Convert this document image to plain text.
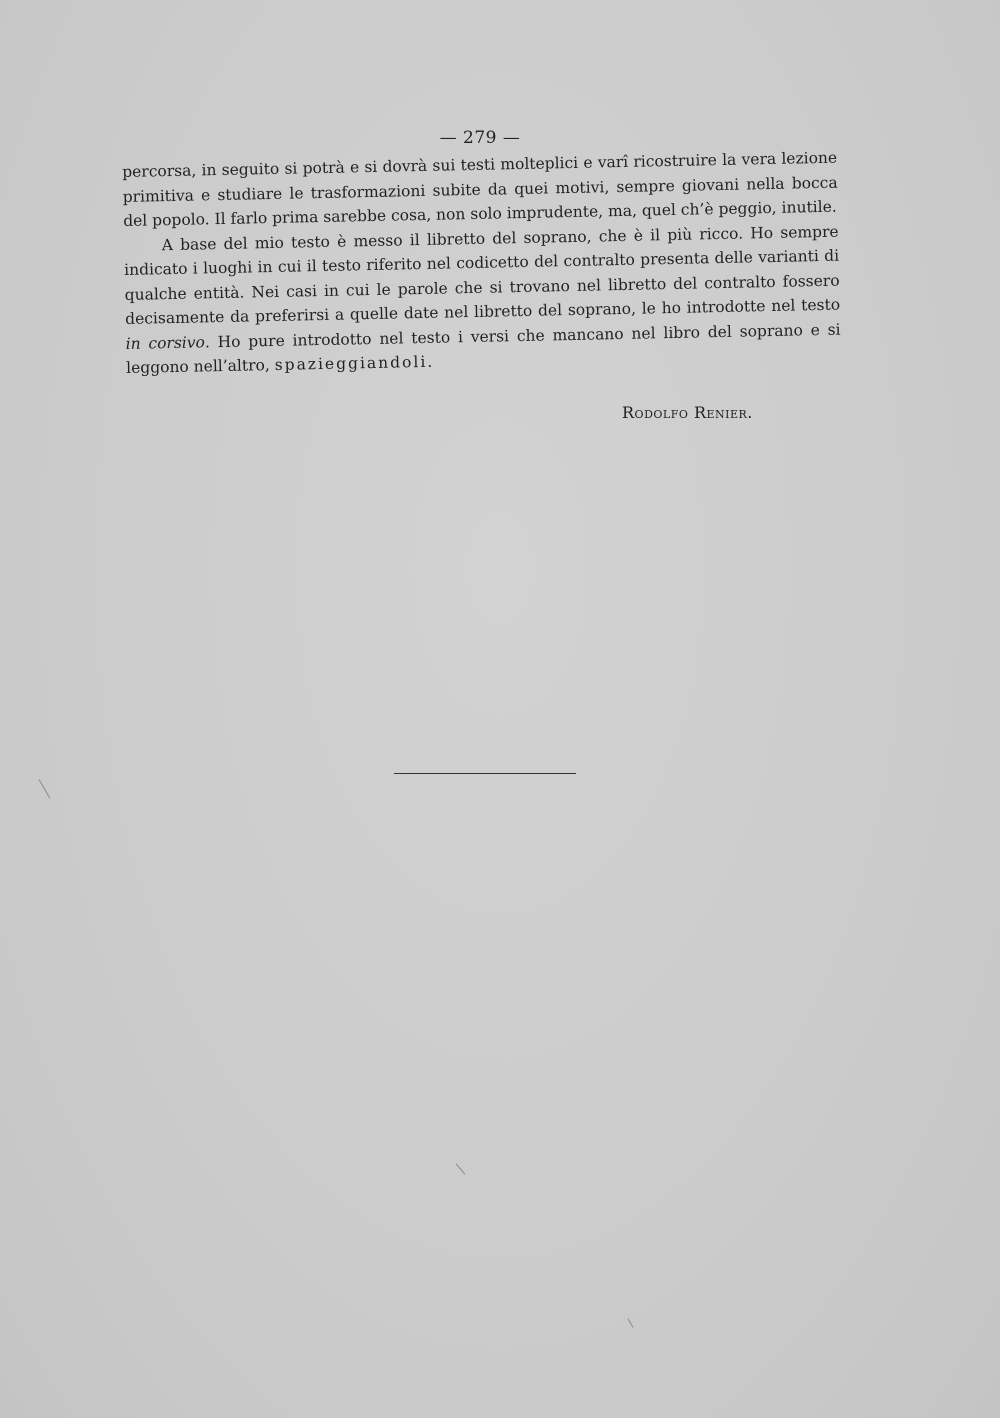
— 279 —

percorsa, in seguito si potrà e si dovrà sui testi molteplici e varî ricostruire la vera lezione primitiva e studiare le trasformazioni subite da quei motivi, sempre giovani nella bocca del popolo. Il farlo prima sarebbe cosa, non solo imprudente, ma, quel ch’è peggio, inutile.

A base del mio testo è messo il libretto del soprano, che è il più ricco. Ho sempre indicato i luoghi in cui il testo riferito nel codicetto del contralto presenta delle varianti di qualche entità. Nei casi in cui le parole che si trovano nel libretto del contralto fossero decisamente da preferirsi a quelle date nel libretto del soprano, le ho introdotte nel testo in corsivo. Ho pure introdotto nel testo i versi che mancano nel libro del soprano e si leggono nell’altro, spazieggiandoli.

Rodolfo Renier.
